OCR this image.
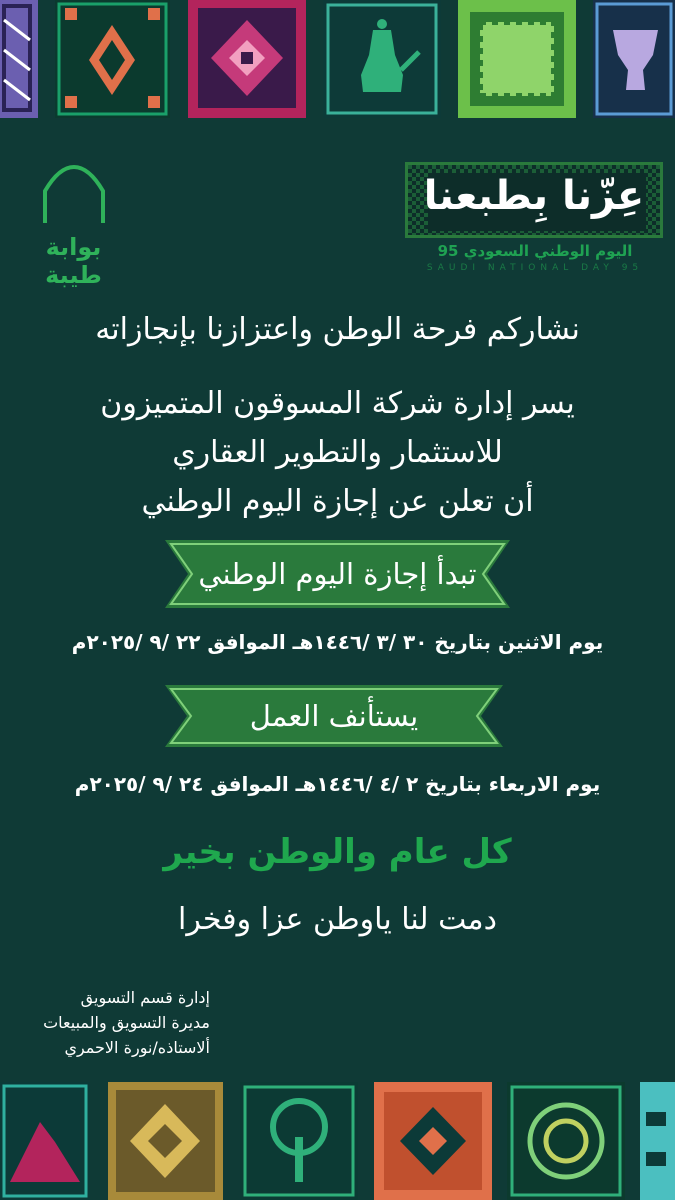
بوابة طيبة
عِزّنا بِطبعنا
اليوم الوطني السعودي 95
SAUDI NATIONAL DAY 95
نشاركم فرحة الوطن واعتزازنا بإنجازاته
يسر إدارة شركة المسوقون المتميزون
للاستثمار والتطوير العقاري
أن تعلن عن إجازة اليوم الوطني
تبدأ إجازة اليوم الوطني
يوم الاثنين بتاريخ ٣٠ /٣ /١٤٤٦هـ الموافق ٢٢ /٩ /٢٠٢٥م
يستأنف العمل
يوم الاربعاء بتاريخ ٢ /٤ /١٤٤٦هـ الموافق ٢٤ /٩ /٢٠٢٥م
كل عام والوطن بخير
دمت لنا ياوطن عزا وفخرا
إدارة قسم التسويق
مديرة التسويق والمبيعات
ألاستاذه/نورة الاحمري
